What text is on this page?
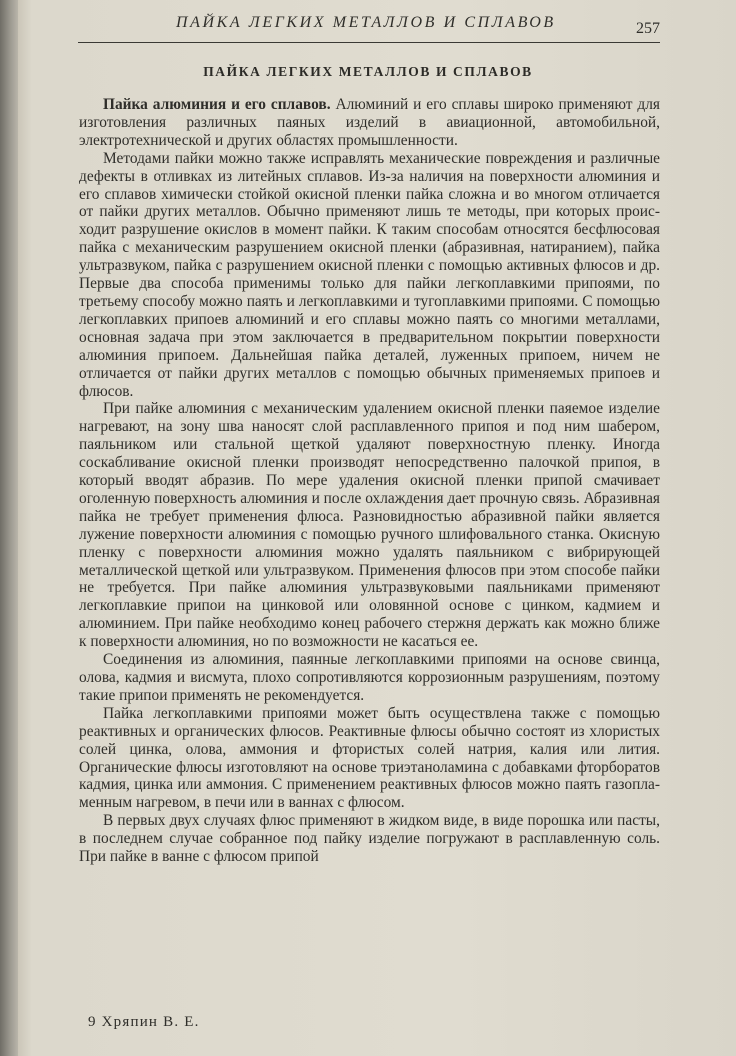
ПАЙКА ЛЕГКИХ МЕТАЛЛОВ И СПЛАВОВ	257
ПАЙКА ЛЕГКИХ МЕТАЛЛОВ И СПЛАВОВ

Пайка алюминия и его сплавов. Алюминий и его сплавы широко применяют для изготовления различных паяных изделий в авиационной, автомобильной, электротехнической и других областях промышленности.

Методами пайки можно также исправлять механические повреждения и различные дефекты в отливках из литейных сплавов. Из-за наличия на поверхности алюминия и его сплавов химически стойкой окисной пленки пайка сложна и во многом отличается от пайки других металлов. Обычно применяют лишь те методы, при которых происходит разрушение окислов в момент пайки. К таким способам относятся бесфлюсовая пайка с механическим разрушением окисной пленки (абразивная, натиранием), пайка ультразвуком, пайка с разрушением окисной пленки с помощью активных флюсов и др. Первые два способа применимы только для пайки легкоплавкими припоями, по третьему способу можно паять и легкоплавкими и тугоплавкими припоями. С помощью легкоплавких припоев алюминий и его сплавы можно паять со многими металлами, основная задача при этом заключается в предварительном покрытии поверхности алюминия припоем. Дальнейшая пайка деталей, луженных припоем, ничем не отличается от пайки других металлов с помощью обычных применяемых припоев и флюсов.

При пайке алюминия с механическим удалением окисной пленки паяемое изделие нагревают, на зону шва наносят слой расплавленного припоя и под ним шабером, паяльником или стальной щеткой удаляют поверхностную пленку. Иногда соскабливание окисной пленки производят непосредственно палочкой припоя, в который вводят абразив. По мере удаления окисной пленки припой смачивает оголенную поверхность алюминия и после охлаждения дает прочную связь. Абразивная пайка не требует применения флюса. Разновидностью абразивной пайки является лужение поверхности алюминия с помощью ручного шлифовального станка. Окисную пленку с поверхности алюминия можно удалять паяльником с вибрирующей металлической щеткой или ультразвуком. Применения флюсов при этом способе пайки не требуется. При пайке алюминия ультразвуковыми паяльниками применяют легкоплавкие припои на цинковой или оловянной основе с цинком, кадмием и алюминием. При пайке необходимо конец рабочего стержня держать как можно ближе к поверхности алюминия, но по возможности не касаться ее.

Соединения из алюминия, паянные легкоплавкими припоями на основе свинца, олова, кадмия и висмута, плохо сопротивляются коррозионным разрушениям, поэтому такие припои применять не рекомендуется.

Пайка легкоплавкими припоями может быть осуществлена также с помощью реактивных и органических флюсов. Реактивные флюсы обычно состоят из хлористых солей цинка, олова, аммония и фтористых солей натрия, калия или лития. Органические флюсы изготовляют на основе триэтаноламина с добавками фторборатов кадмия, цинка или аммония. С применением реактивных флюсов можно паять газопламенным нагревом, в печи или в ваннах с флюсом.

В первых двух случаях флюс применяют в жидком виде, в виде порошка или пасты, в последнем случае собранное под пайку изделие погружают в расплавленную соль. При пайке в ванне с флюсом припой

9 Хряпин В. Е.
